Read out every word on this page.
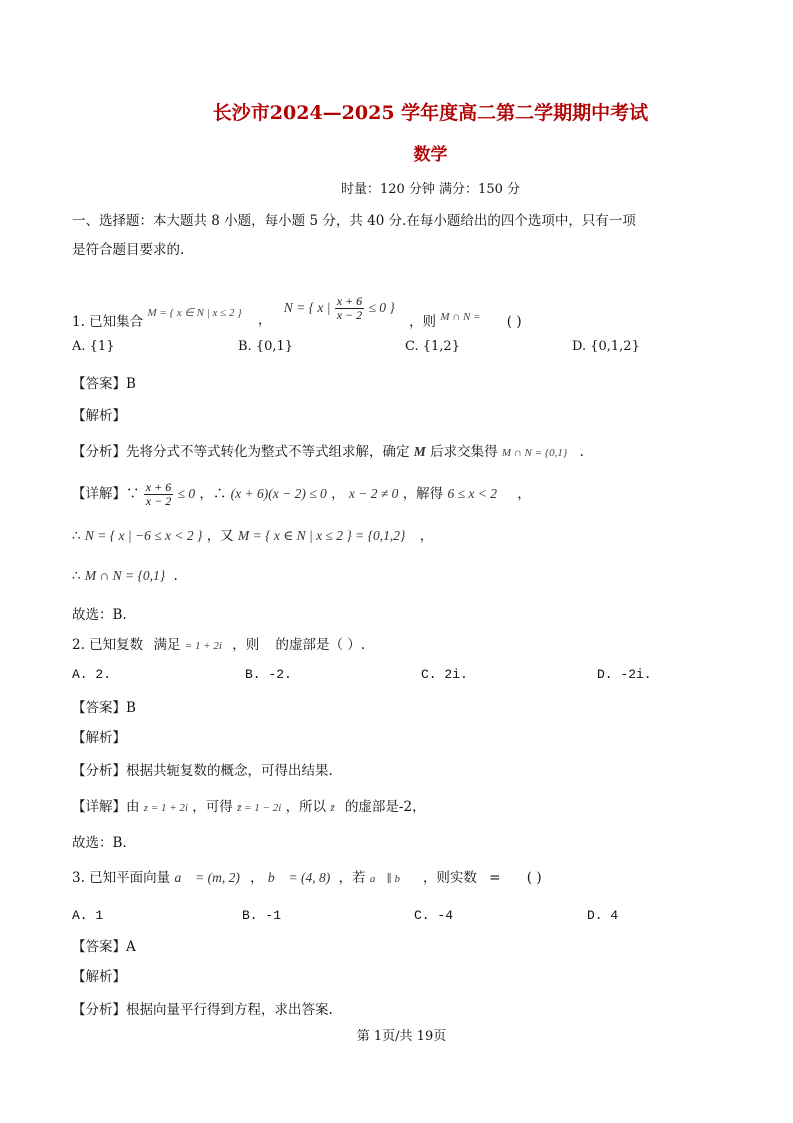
长沙市2024—2025 学年度高二第二学期期中考试
数学
时量：120 分钟 满分：150 分
一、选择题：本大题共 8 小题，每小题 5 分，共 40 分.在每小题给出的四个选项中，只有一项
是符合题目要求的.
1. 已知集合 $^{M = \{ x \in N | x \le 2 \}}$ ， N = { x | $\frac{x + 6}{x - 2} \le 0$ } ，则 M ∩ N = ( )
A. {1}	B. {0,1}	C. {1,2}	D. {0,1,2}
【答案】B
【解析】
【分析】先将分式不等式转化为整式不等式组求解，确定 M 后求交集得 M ∩ N = {0,1} .
【详解】∵ $\frac{x + 6}{x - 2} \le 0$ ，∴ (x + 6)(x − 2) ≤ 0 ， x − 2 ≠ 0 ，解得 6 ≤ x < 2 ，
∴ N = { x | −6 ≤ x < 2 } ，又 M = { x ∈ N | x ≤ 2 } = {0,1,2} ，
∴ M ∩ N = {0,1} .
故选：B.
2. 已知复数 满足 = 1 + 2i ，则 的虚部是（ ）.
A. 2.	B. -2.	C. 2i.	D. -2i.
【答案】B
【解析】
【分析】根据共轭复数的概念，可得出结果.
【详解】由 z = 1 + 2i ，可得 z̄ = 1 − 2i ，所以 z̄ 的虚部是-2，
故选：B.
3. 已知平面向量 a⃗ = (m, 2) ， b⃗ = (4, 8) ，若 a⃗ ∥ b⃗ ，则实数 = ( )
A. 1	B. -1	C. -4	D. 4
【答案】A
【解析】
【分析】根据向量平行得到方程，求出答案.
第 1页/共 19页
